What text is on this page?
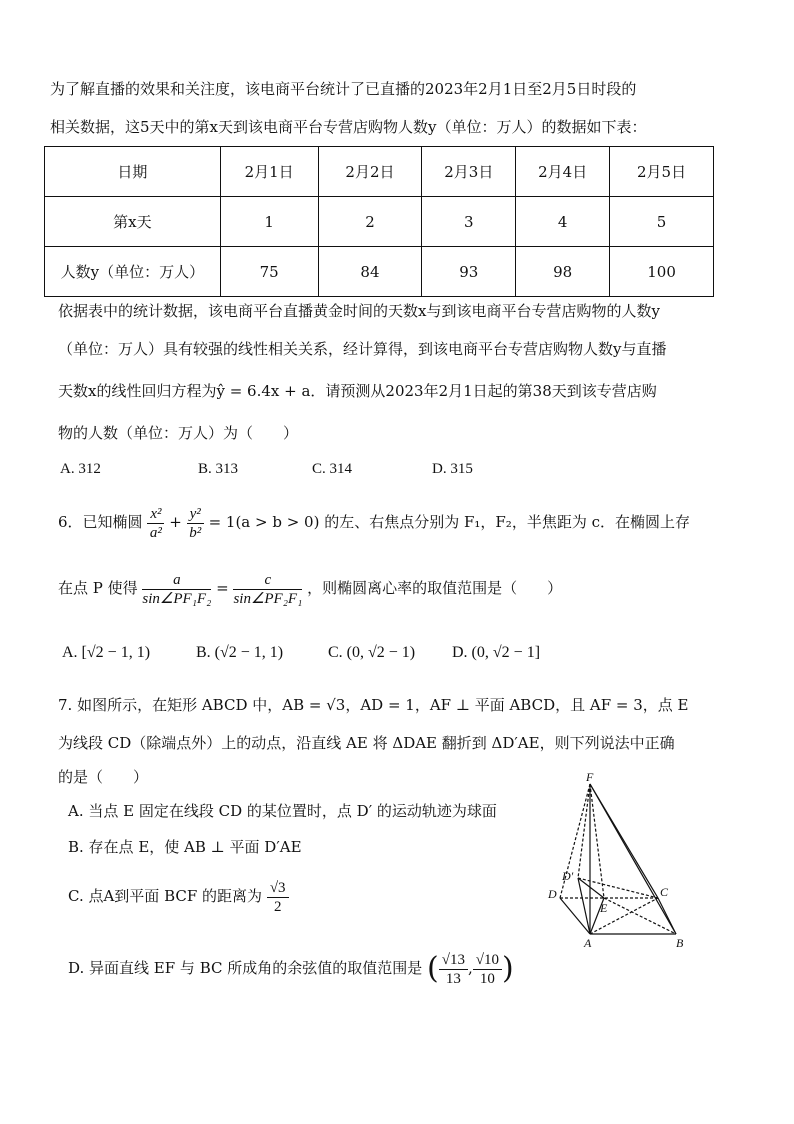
为了解直播的效果和关注度，该电商平台统计了已直播的2023年2月1日至2月5日时段的
相关数据，这5天中的第x天到该电商平台专营店购物人数y（单位：万人）的数据如下表：
日期	2月1日	2月2日	2月3日	2月4日	2月5日
第x天	1	2	3	4	5
人数y（单位：万人）	75	84	93	98	100
依据表中的统计数据，该电商平台直播黄金时间的天数x与到该电商平台专营店购物的人数y
（单位：万人）具有较强的线性相关关系，经计算得，到该电商平台专营店购物人数y与直播
天数x的线性回归方程为ŷ = 6.4x + a．请预测从2023年2月1日起的第38天到该专营店购
物的人数（单位：万人）为（　　）
A. 312	B. 313	C. 314	D. 315
6．已知椭圆 $\frac{\text{x²}}{\text{a²}} + \frac{\text{y²}}{\text{b²}} = 1(a > b > 0)$ 的左、右焦点分别为 F₁，F₂，半焦距为 c．在椭圆上存
在点 P 使得 $\frac{a}{\text{sin∠PF₁F₂}} = \frac{c}{\text{sin∠PF₂F₁}}$ ，则椭圆离心率的取值范围是（　　）
A. [√2 − 1, 1)	B. (√2 − 1, 1)	C. (0, √2 − 1) D. (0, √2 − 1]
7. 如图所示，在矩形 ABCD 中，AB = √3，AD = 1，AF ⊥ 平面 ABCD，且 AF = 3，点 E
为线段 CD（除端点外）上的动点，沿直线 AE 将 ΔDAE 翻折到 ΔD′AE，则下列说法中正确
的是（　　）
A. 当点 E 固定在线段 CD 的某位置时，点 D′ 的运动轨迹为球面
B. 存在点 E，使 AB ⊥ 平面 D′AE
C. 点A到平面 BCF 的距离为 $\frac{√3}{2}$
D. 异面直线 EF 与 BC 所成角的余弦值的取值范围是 ( $\frac{√13}{13}$ , $\frac{√10}{10}$ )
F
D′
D
E
C
A	B
